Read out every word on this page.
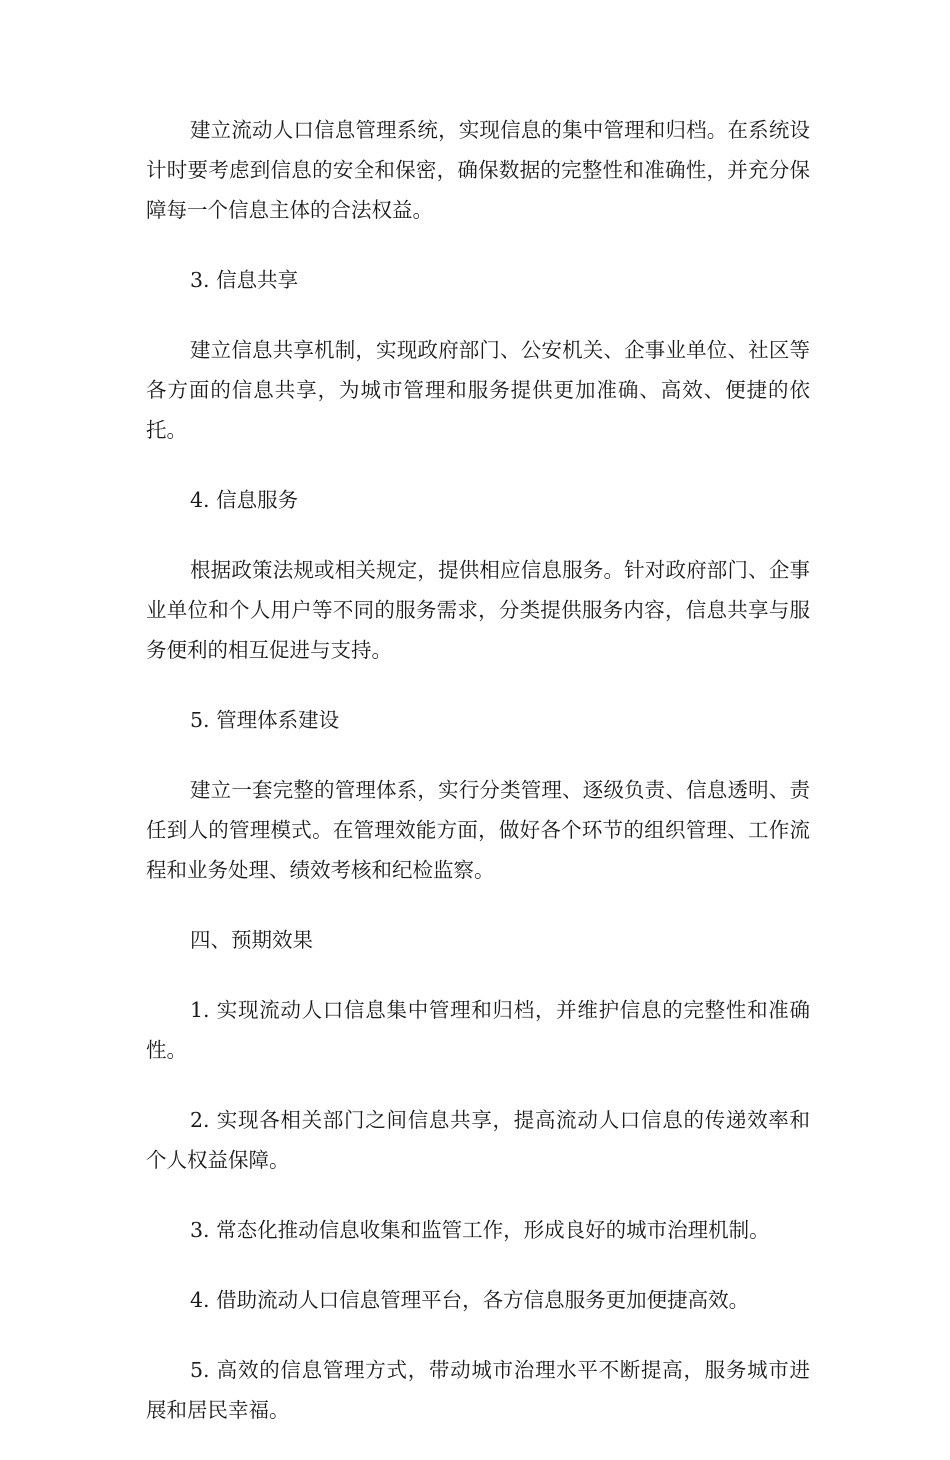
建立流动人口信息管理系统，实现信息的集中管理和归档。在系统设计时要考虑到信息的安全和保密，确保数据的完整性和准确性，并充分保障每一个信息主体的合法权益。

3. 信息共享

建立信息共享机制，实现政府部门、公安机关、企事业单位、社区等各方面的信息共享，为城市管理和服务提供更加准确、高效、便捷的依托。

4. 信息服务

根据政策法规或相关规定，提供相应信息服务。针对政府部门、企事业单位和个人用户等不同的服务需求，分类提供服务内容，信息共享与服务便利的相互促进与支持。

5. 管理体系建设

建立一套完整的管理体系，实行分类管理、逐级负责、信息透明、责任到人的管理模式。在管理效能方面，做好各个环节的组织管理、工作流程和业务处理、绩效考核和纪检监察。

四、预期效果

1. 实现流动人口信息集中管理和归档，并维护信息的完整性和准确性。

2. 实现各相关部门之间信息共享，提高流动人口信息的传递效率和个人权益保障。

3. 常态化推动信息收集和监管工作，形成良好的城市治理机制。

4. 借助流动人口信息管理平台，各方信息服务更加便捷高效。

5. 高效的信息管理方式，带动城市治理水平不断提高，服务城市进展和居民幸福。
